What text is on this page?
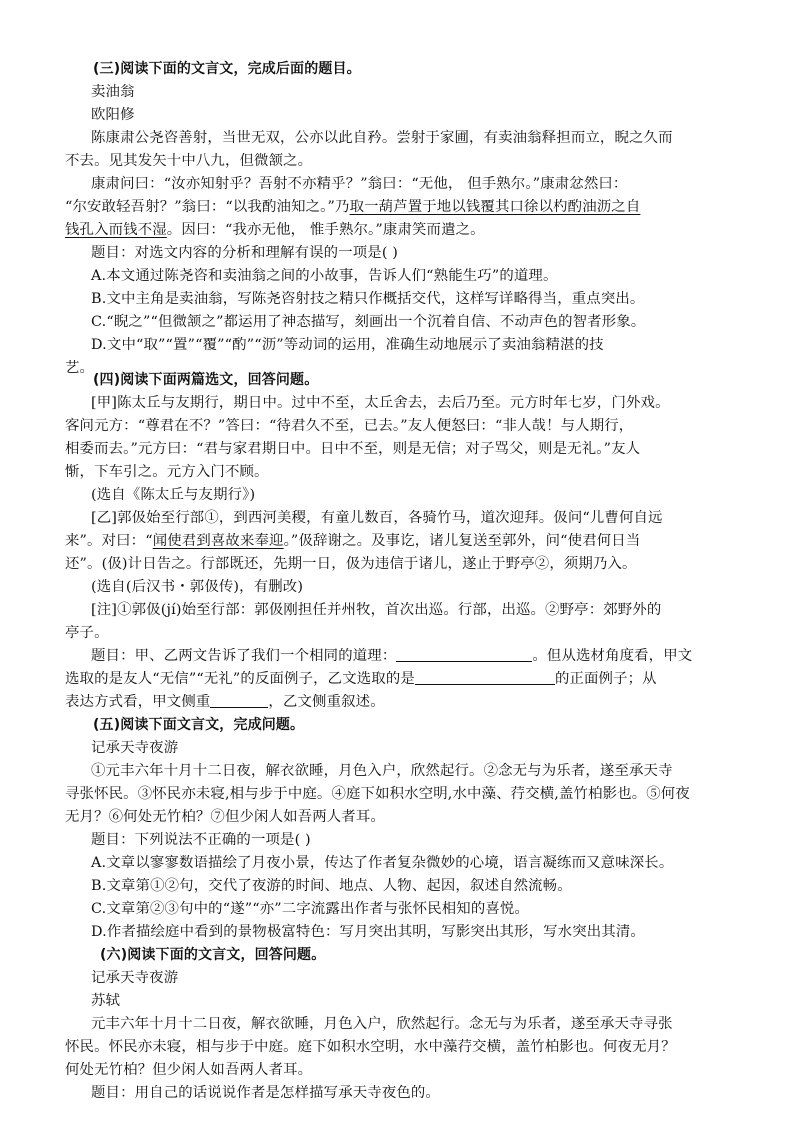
(三)阅读下面的文言文，完成后面的题目。
卖油翁
欧阳修
陈康肃公尧咨善射，当世无双，公亦以此自矜。尝射于家圃，有卖油翁释担而立，睨之久而
不去。见其发矢十中八九，但微颔之。
康肃问曰：“汝亦知射乎？吾射不亦精乎？”翁曰：“无他， 但手熟尔。”康肃忿然曰：
“尔安敢轻吾射？”翁曰：“以我酌油知之。”乃取一葫芦置于地以钱覆其口徐以杓酌油沥之自
钱孔入而钱不湿。因曰：“我亦无他， 惟手熟尔。”康肃笑而遣之。
题目：对选文内容的分析和理解有误的一项是( )
A.本文通过陈尧咨和卖油翁之间的小故事，告诉人们“熟能生巧”的道理。
B.文中主角是卖油翁，写陈尧咨射技之精只作概括交代，这样写详略得当，重点突出。
C.“睨之”“但微颔之”都运用了神态描写，刻画出一个沉着自信、不动声色的智者形象。
D.文中“取”“置”“覆”“酌”“沥”等动词的运用，准确生动地展示了卖油翁精湛的技
艺。
(四)阅读下面两篇选文，回答问题。
[甲]陈太丘与友期行，期日中。过中不至，太丘舍去，去后乃至。元方时年七岁，门外戏。
客问元方：“尊君在不？”答曰：“待君久不至，已去。”友人便怒曰：“非人哉！与人期行，
相委而去。”元方曰：“君与家君期日中。日中不至，则是无信；对子骂父，则是无礼。”友人
惭，下车引之。元方入门不顾。
(选自《陈太丘与友期行》)
[乙]郭伋始至行部①，到西河美稷，有童儿数百，各骑竹马，道次迎拜。伋问“儿曹何自远
来”。对曰：“闻使君到喜故来奉迎。”伋辞谢之。及事讫，诸儿复送至郭外，问“使君何日当
还”。(伋)计日告之。行部既还，先期一日，伋为违信于诸儿，遂止于野亭②，须期乃入。
(选自(后汉书・郭伋传)，有删改)
[注]①郭伋(jí)始至行部：郭伋刚担任并州牧，首次出巡。行部，出巡。②野亭：郊野外的
亭子。
题目：甲、乙两文告诉了我们一个相同的道理：	。但从选材角度看，甲文
选取的是友人“无信”“无礼”的反面例子，乙文选取的是	的正面例子；从
表达方式看，甲文侧重	，乙文侧重叙述。
(五)阅读下面文言文，完成问题。
记承天寺夜游
①元丰六年十月十二日夜，解衣欲睡，月色入户，欣然起行。②念无与为乐者，遂至承天寺
寻张怀民。③怀民亦未寝,相与步于中庭。④庭下如积水空明,水中藻、荇交横,盖竹柏影也。⑤何夜
无月？⑥何处无竹柏？⑦但少闲人如吾两人者耳。
题目：下列说法不正确的一项是( )
A.文章以寥寥数语描绘了月夜小景，传达了作者复杂微妙的心境，语言凝练而又意味深长。
B.文章第①②句，交代了夜游的时间、地点、人物、起因，叙述自然流畅。
C.文章第②③句中的“遂”“亦”二字流露出作者与张怀民相知的喜悦。
D.作者描绘庭中看到的景物极富特色：写月突出其明，写影突出其形，写水突出其清。
(六)阅读下面的文言文，回答问题。
记承天寺夜游
苏轼
元丰六年十月十二日夜，解衣欲睡，月色入户，欣然起行。念无与为乐者，遂至承天寺寻张
怀民。怀民亦未寝，相与步于中庭。庭下如积水空明，水中藻荇交横，盖竹柏影也。何夜无月？
何处无竹柏？但少闲人如吾两人者耳。
题目：用自己的话说说作者是怎样描写承天寺夜色的。
